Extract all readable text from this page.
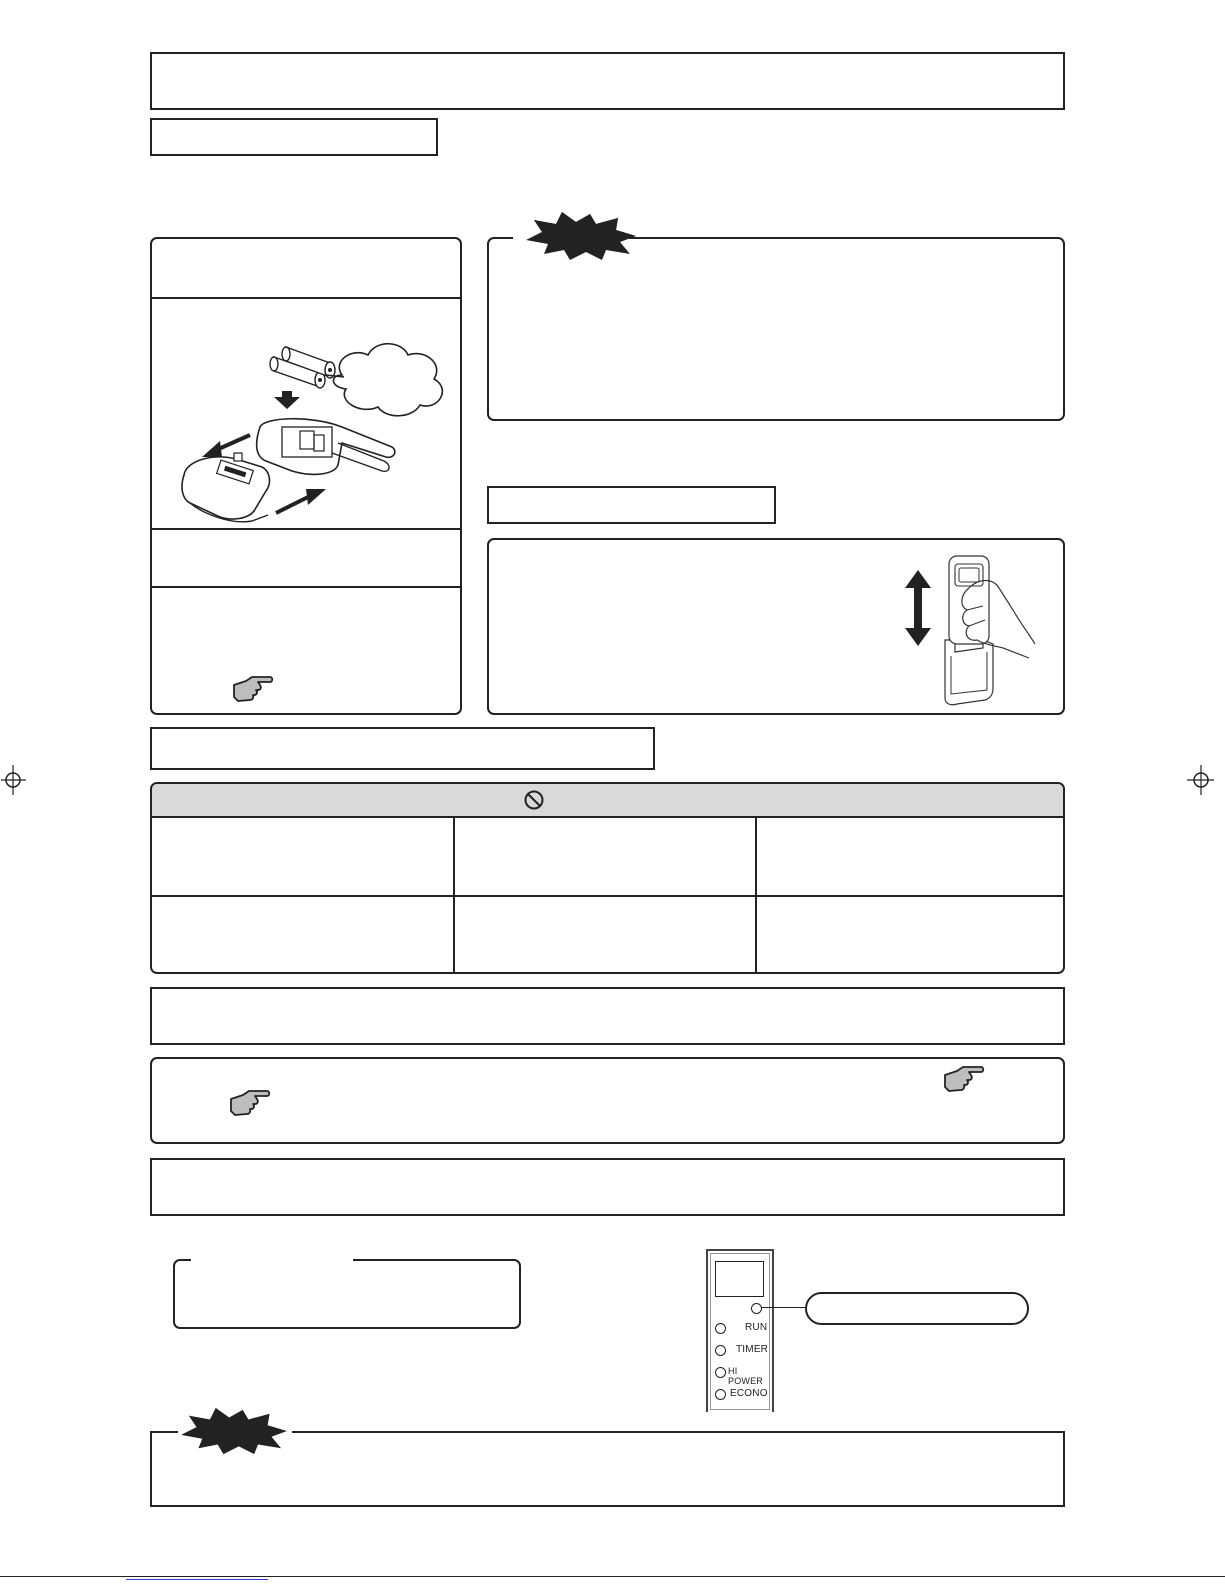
RUN
TIMER
HI POWER
ECONO
